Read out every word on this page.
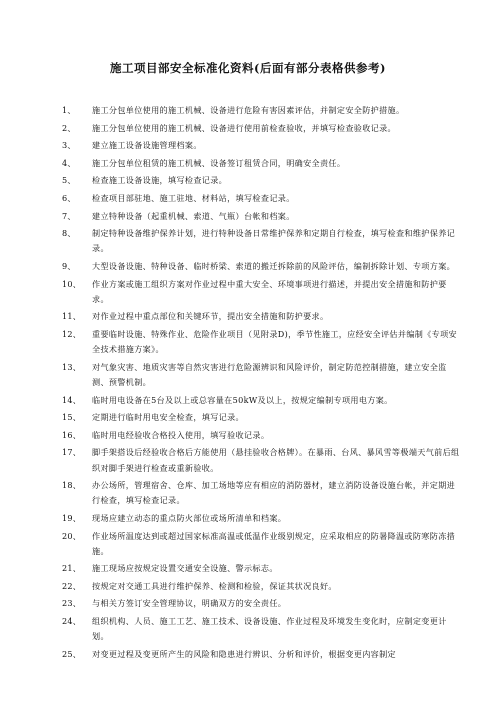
施工项目部安全标准化资料(后面有部分表格供参考)
1、	施工分包单位使用的施工机械、设备进行危险有害因素评估，并制定安全防护措施。
2、	施工分包单位使用的施工机械、设备进行使用前检查验收，并填写检查验收记录。
3、	建立施工设备设施管理档案。
4、	施工分包单位租赁的施工机械、设备签订租赁合同，明确安全责任。
5、	检查施工设备设施，填写检查记录。
6、	检查项目部驻地、施工驻地、材料站，填写检查记录。
7、	建立特种设备（起重机械、索道、气瓶）台帐和档案。
8、	制定特种设备维护保养计划，进行特种设备日常维护保养和定期自行检查，填写检查和维护保养记录。
9、	大型设备设施、特种设备、临时桥梁、索道的搬迁拆除前的风险评估，编制拆除计划、专项方案。
10、	作业方案或施工组织方案对作业过程中重大安全、环境事项进行描述，并提出安全措施和防护要求。
11、	对作业过程中重点部位和关键环节，提出安全措施和防护要求。
12、	重要临时设施、特殊作业、危险作业项目（见附录D)，季节性施工，应经安全评估并编制《专项安全技术措施方案》。
13、	对气象灾害、地质灾害等自然灾害进行危险源辨识和风险评价，制定防范控制措施，建立安全监测、预警机制。
14、	临时用电设备在5台及以上或总容量在50kW及以上，按规定编制专项用电方案。
15、	定期进行临时用电安全检查，填写记录。
16、	临时用电经验收合格投入使用，填写验收记录。
17、	脚手架搭设后经验收合格后方能使用（悬挂验收合格牌）。在暴雨、台风、暴风雪等极端天气前后组织对脚手架进行检查或重新验收。
18、	办公场所，管理宿舍、仓库、加工场地等应有相应的消防器材，建立消防设备设施台帐，并定期进行检查，填写检查记录。
19、	现场应建立动态的重点防火部位或场所清单和档案。
20、	作业场所温度达到或超过国家标准高温或低温作业级别规定，应采取相应的防暑降温或防寒防冻措施。
21、	施工现场应按规定设置交通安全设施、警示标志。
22、	按规定对交通工具进行维护保养、检测和检验，保证其状况良好。
23、	与相关方签订安全管理协议，明确双方的安全责任。
24、	组织机构、人员、施工工艺、施工技术、设备设施、作业过程及环境发生变化时，应制定变更计划。
25、	对变更过程及变更所产生的风险和隐患进行辨识、分析和评价，根据变更内容制定
